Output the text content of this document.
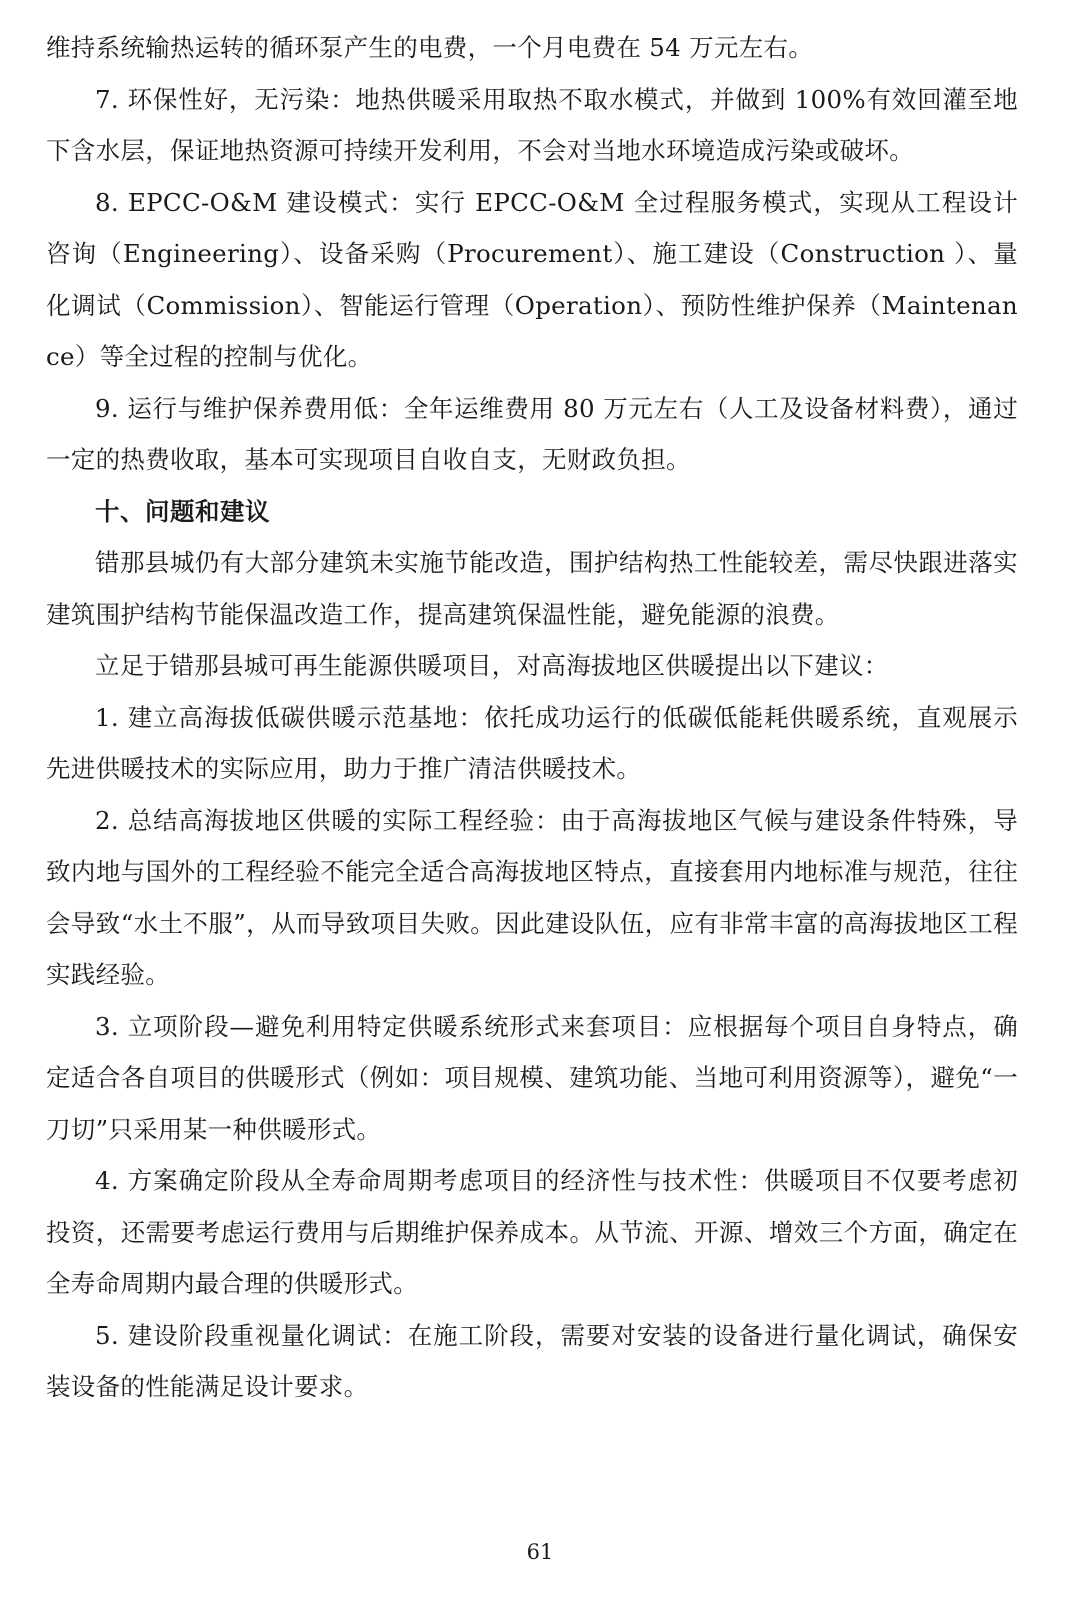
维持系统输热运转的循环泵产生的电费，一个月电费在 54 万元左右。

7. 环保性好，无污染：地热供暖采用取热不取水模式，并做到 100%有效回灌至地下含水层，保证地热资源可持续开发利用，不会对当地水环境造成污染或破坏。

8. EPCC-O&M 建设模式：实行 EPCC-O&M 全过程服务模式，实现从工程设计咨询（Engineering）、设备采购（Procurement）、施工建设（Construction ）、量化调试（Commission）、智能运行管理（Operation）、预防性维护保养（Maintenance）等全过程的控制与优化。

9. 运行与维护保养费用低：全年运维费用 80 万元左右（人工及设备材料费），通过一定的热费收取，基本可实现项目自收自支，无财政负担。

十、问题和建议

错那县城仍有大部分建筑未实施节能改造，围护结构热工性能较差，需尽快跟进落实建筑围护结构节能保温改造工作，提高建筑保温性能，避免能源的浪费。

立足于错那县城可再生能源供暖项目，对高海拔地区供暖提出以下建议：

1. 建立高海拔低碳供暖示范基地：依托成功运行的低碳低能耗供暖系统，直观展示先进供暖技术的实际应用，助力于推广清洁供暖技术。

2. 总结高海拔地区供暖的实际工程经验：由于高海拔地区气候与建设条件特殊，导致内地与国外的工程经验不能完全适合高海拔地区特点，直接套用内地标准与规范，往往会导致“水土不服”，从而导致项目失败。因此建设队伍，应有非常丰富的高海拔地区工程实践经验。

3. 立项阶段—避免利用特定供暖系统形式来套项目：应根据每个项目自身特点，确定适合各自项目的供暖形式（例如：项目规模、建筑功能、当地可利用资源等），避免“一刀切”只采用某一种供暖形式。

4. 方案确定阶段从全寿命周期考虑项目的经济性与技术性：供暖项目不仅要考虑初投资，还需要考虑运行费用与后期维护保养成本。从节流、开源、增效三个方面，确定在全寿命周期内最合理的供暖形式。

5. 建设阶段重视量化调试：在施工阶段，需要对安装的设备进行量化调试，确保安装设备的性能满足设计要求。

61
